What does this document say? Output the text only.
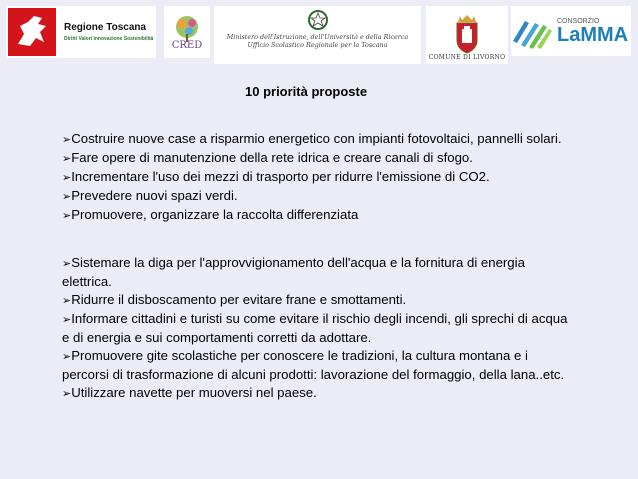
Regione Toscana
Diritti Valori Innovazione Sostenibilità
CRED
Ministero dell'Istruzione, dell'Università e della Ricerca
Ufficio Scolastico Regionale per la Toscana
COMUNE DI LIVORNO
CONSORZIO
LaMMA
10 priorità proposte
➢Costruire nuove case a risparmio energetico con impianti fotovoltaici, pannelli solari.
➢Fare opere di manutenzione della rete idrica e creare canali di sfogo.
➢Incrementare l'uso dei mezzi di trasporto per ridurre l'emissione di CO2.
➢Prevedere nuovi spazi verdi.
➢Promuovere, organizzare la raccolta differenziata
➢Sistemare la diga per l'approvvigionamento dell'acqua e la fornitura di energia elettrica.
➢Ridurre il disboscamento per evitare frane e smottamenti.
➢Informare cittadini e turisti su come evitare il rischio degli incendi, gli sprechi di acqua e di energia e sui comportamenti corretti da adottare.
➢Promuovere gite scolastiche per conoscere le tradizioni, la cultura montana e i percorsi di trasformazione di alcuni prodotti: lavorazione del formaggio, della lana..etc.
➢Utilizzare navette per muoversi nel paese.
